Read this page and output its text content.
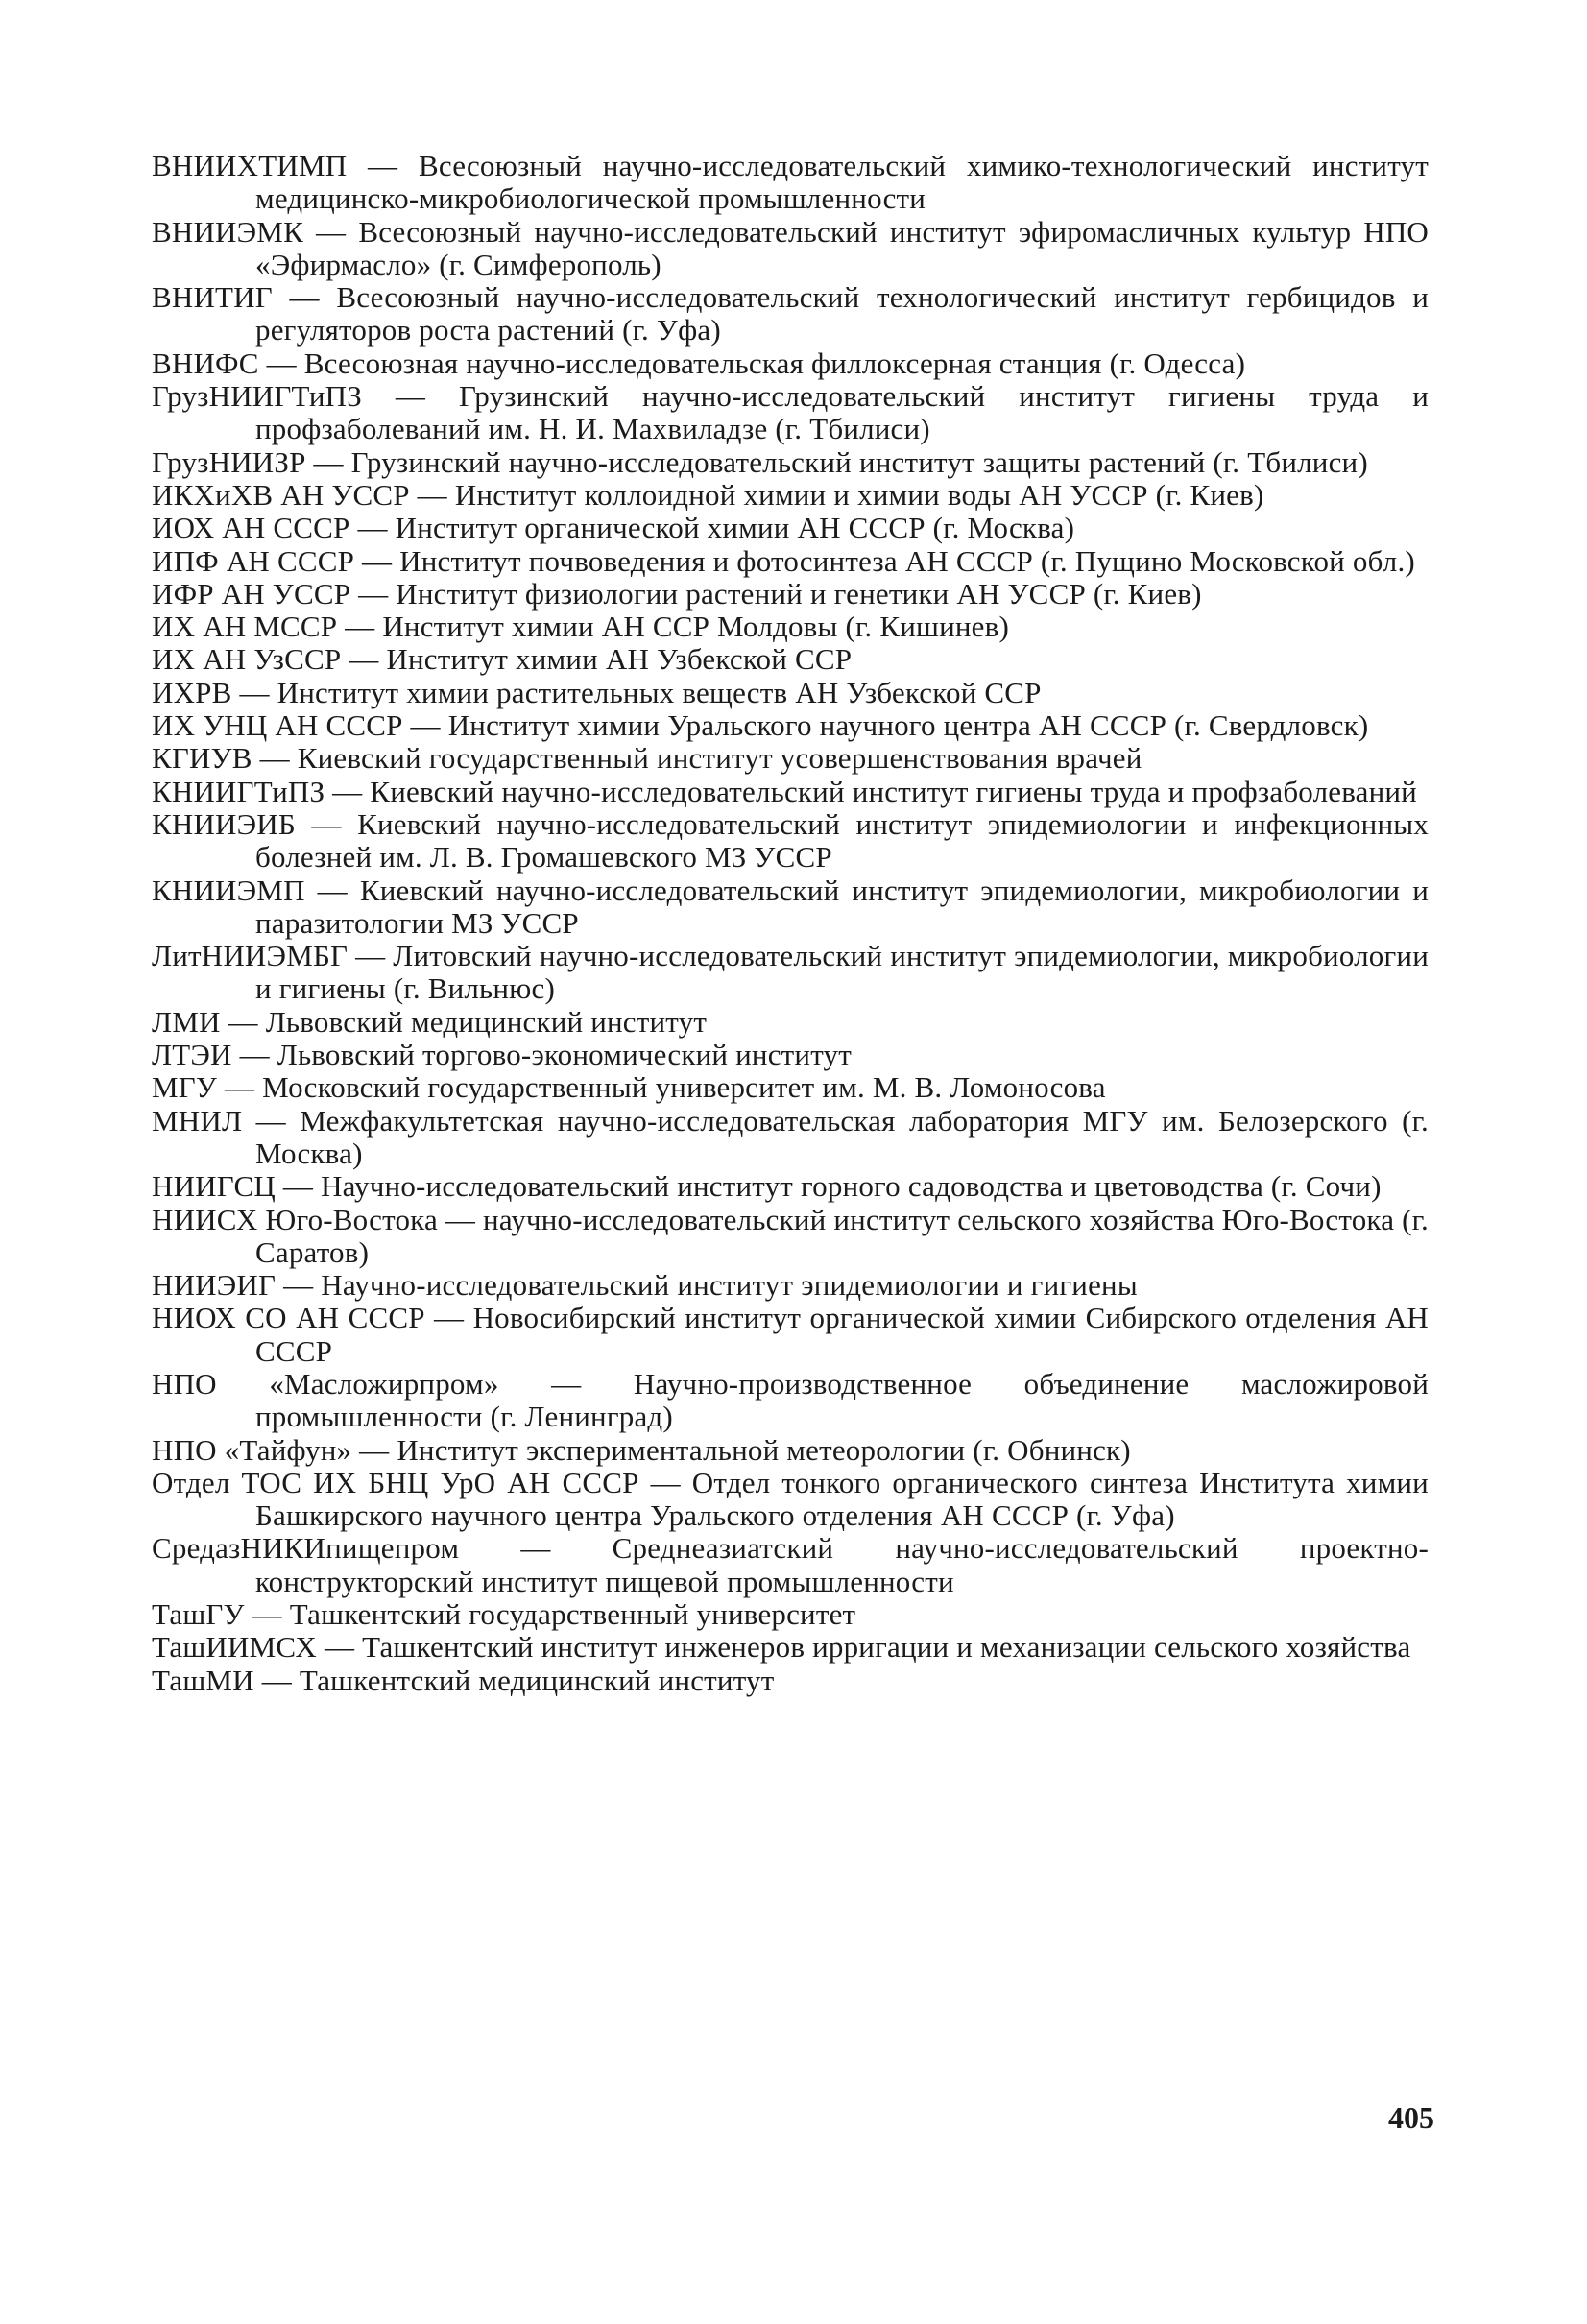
ВНИИХТИМП — Всесоюзный научно-исследовательский химико-технологический институт медицинско-микробиологической промышленности
ВНИИЭМК — Всесоюзный научно-исследовательский институт эфиромасличных культур НПО «Эфирмасло» (г. Симферополь)
ВНИТИГ — Всесоюзный научно-исследовательский технологический институт гербицидов и регуляторов роста растений (г. Уфа)
ВНИФС — Всесоюзная научно-исследовательская филлоксерная станция (г. Одесса)
ГрузНИИГТиПЗ — Грузинский научно-исследовательский институт гигиены труда и профзаболеваний им. Н. И. Махвиладзе (г. Тбилиси)
ГрузНИИЗР — Грузинский научно-исследовательский институт защиты растений (г. Тбилиси)
ИКХиХВ АН УССР — Институт коллоидной химии и химии воды АН УССР (г. Киев)
ИОХ АН СССР — Институт органической химии АН СССР (г. Москва)
ИПФ АН СССР — Институт почвоведения и фотосинтеза АН СССР (г. Пущино Московской обл.)
ИФР АН УССР — Институт физиологии растений и генетики АН УССР (г. Киев)
ИХ АН МССР — Институт химии АН ССР Молдовы (г. Кишинев)
ИХ АН УзССР — Институт химии АН Узбекской ССР
ИХРВ — Институт химии растительных веществ АН Узбекской ССР
ИХ УНЦ АН СССР — Институт химии Уральского научного центра АН СССР (г. Свердловск)
КГИУВ — Киевский государственный институт усовершенствования врачей
КНИИГТиПЗ — Киевский научно-исследовательский институт гигиены труда и профзаболеваний
КНИИЭИБ — Киевский научно-исследовательский институт эпидемиологии и инфекционных болезней им. Л. В. Громашевского МЗ УССР
КНИИЭМП — Киевский научно-исследовательский институт эпидемиологии, микробиологии и паразитологии МЗ УССР
ЛитНИИЭМБГ — Литовский научно-исследовательский институт эпидемиологии, микробиологии и гигиены (г. Вильнюс)
ЛМИ — Львовский медицинский институт
ЛТЭИ — Львовский торгово-экономический институт
МГУ — Московский государственный университет им. М. В. Ломоносова
МНИЛ — Межфакультетская научно-исследовательская лаборатория МГУ им. Белозерского (г. Москва)
НИИГСЦ — Научно-исследовательский институт горного садоводства и цветоводства (г. Сочи)
НИИСХ Юго-Востока — научно-исследовательский институт сельского хозяйства Юго-Востока (г. Саратов)
НИИЭИГ — Научно-исследовательский институт эпидемиологии и гигиены
НИОХ СО АН СССР — Новосибирский институт органической химии Сибирского отделения АН СССР
НПО «Масложирпром» — Научно-производственное объединение масложировой промышленности (г. Ленинград)
НПО «Тайфун» — Институт экспериментальной метеорологии (г. Обнинск)
Отдел ТОС ИХ БНЦ УрО АН СССР — Отдел тонкого органического синтеза Института химии Башкирского научного центра Уральского отделения АН СССР (г. Уфа)
СредазНИКИпищепром — Среднеазиатский научно-исследовательский проектно-конструкторский институт пищевой промышленности
ТашГУ — Ташкентский государственный университет
ТашИИМСХ — Ташкентский институт инженеров ирригации и механизации сельского хозяйства
ТашМИ — Ташкентский медицинский институт
405
